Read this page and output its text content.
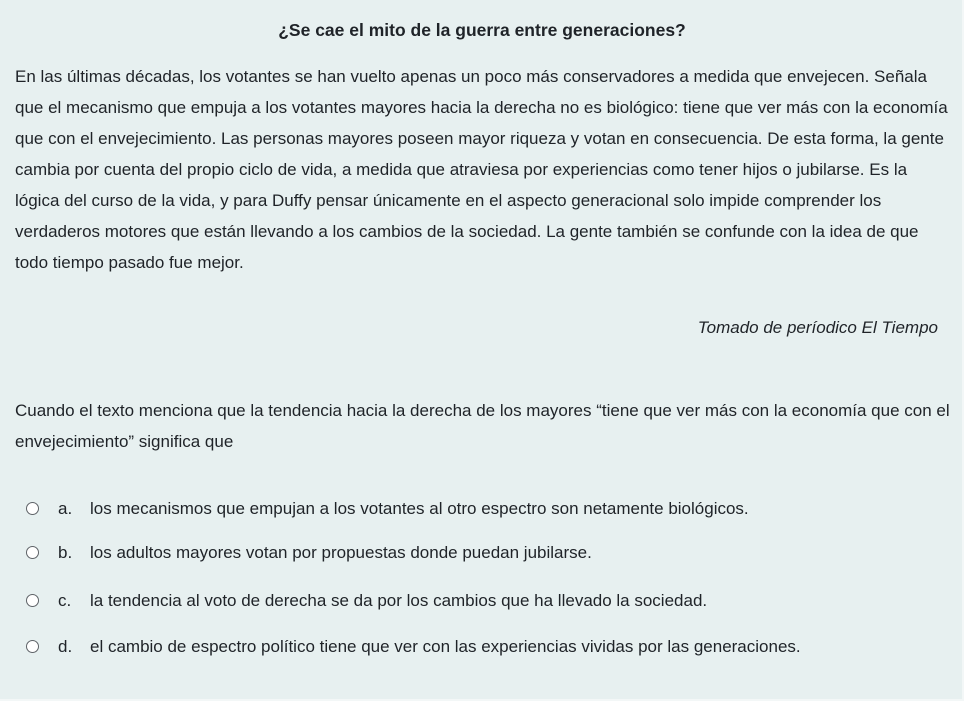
¿Se cae el mito de la guerra entre generaciones?

En las últimas décadas, los votantes se han vuelto apenas un poco más conservadores a medida que envejecen. Señala que el mecanismo que empuja a los votantes mayores hacia la derecha no es biológico: tiene que ver más con la economía que con el envejecimiento. Las personas mayores poseen mayor riqueza y votan en consecuencia. De esta forma, la gente cambia por cuenta del propio ciclo de vida, a medida que atraviesa por experiencias como tener hijos o jubilarse. Es la lógica del curso de la vida, y para Duffy pensar únicamente en el aspecto generacional solo impide comprender los verdaderos motores que están llevando a los cambios de la sociedad. La gente también se confunde con la idea de que todo tiempo pasado fue mejor.

Tomado de períodico El Tiempo

Cuando el texto menciona que la tendencia hacia la derecha de los mayores “tiene que ver más con la economía que con el envejecimiento” significa que

a. los mecanismos que empujan a los votantes al otro espectro son netamente biológicos.
b. los adultos mayores votan por propuestas donde puedan jubilarse.
c. la tendencia al voto de derecha se da por los cambios que ha llevado la sociedad.
d. el cambio de espectro político tiene que ver con las experiencias vividas por las generaciones.
